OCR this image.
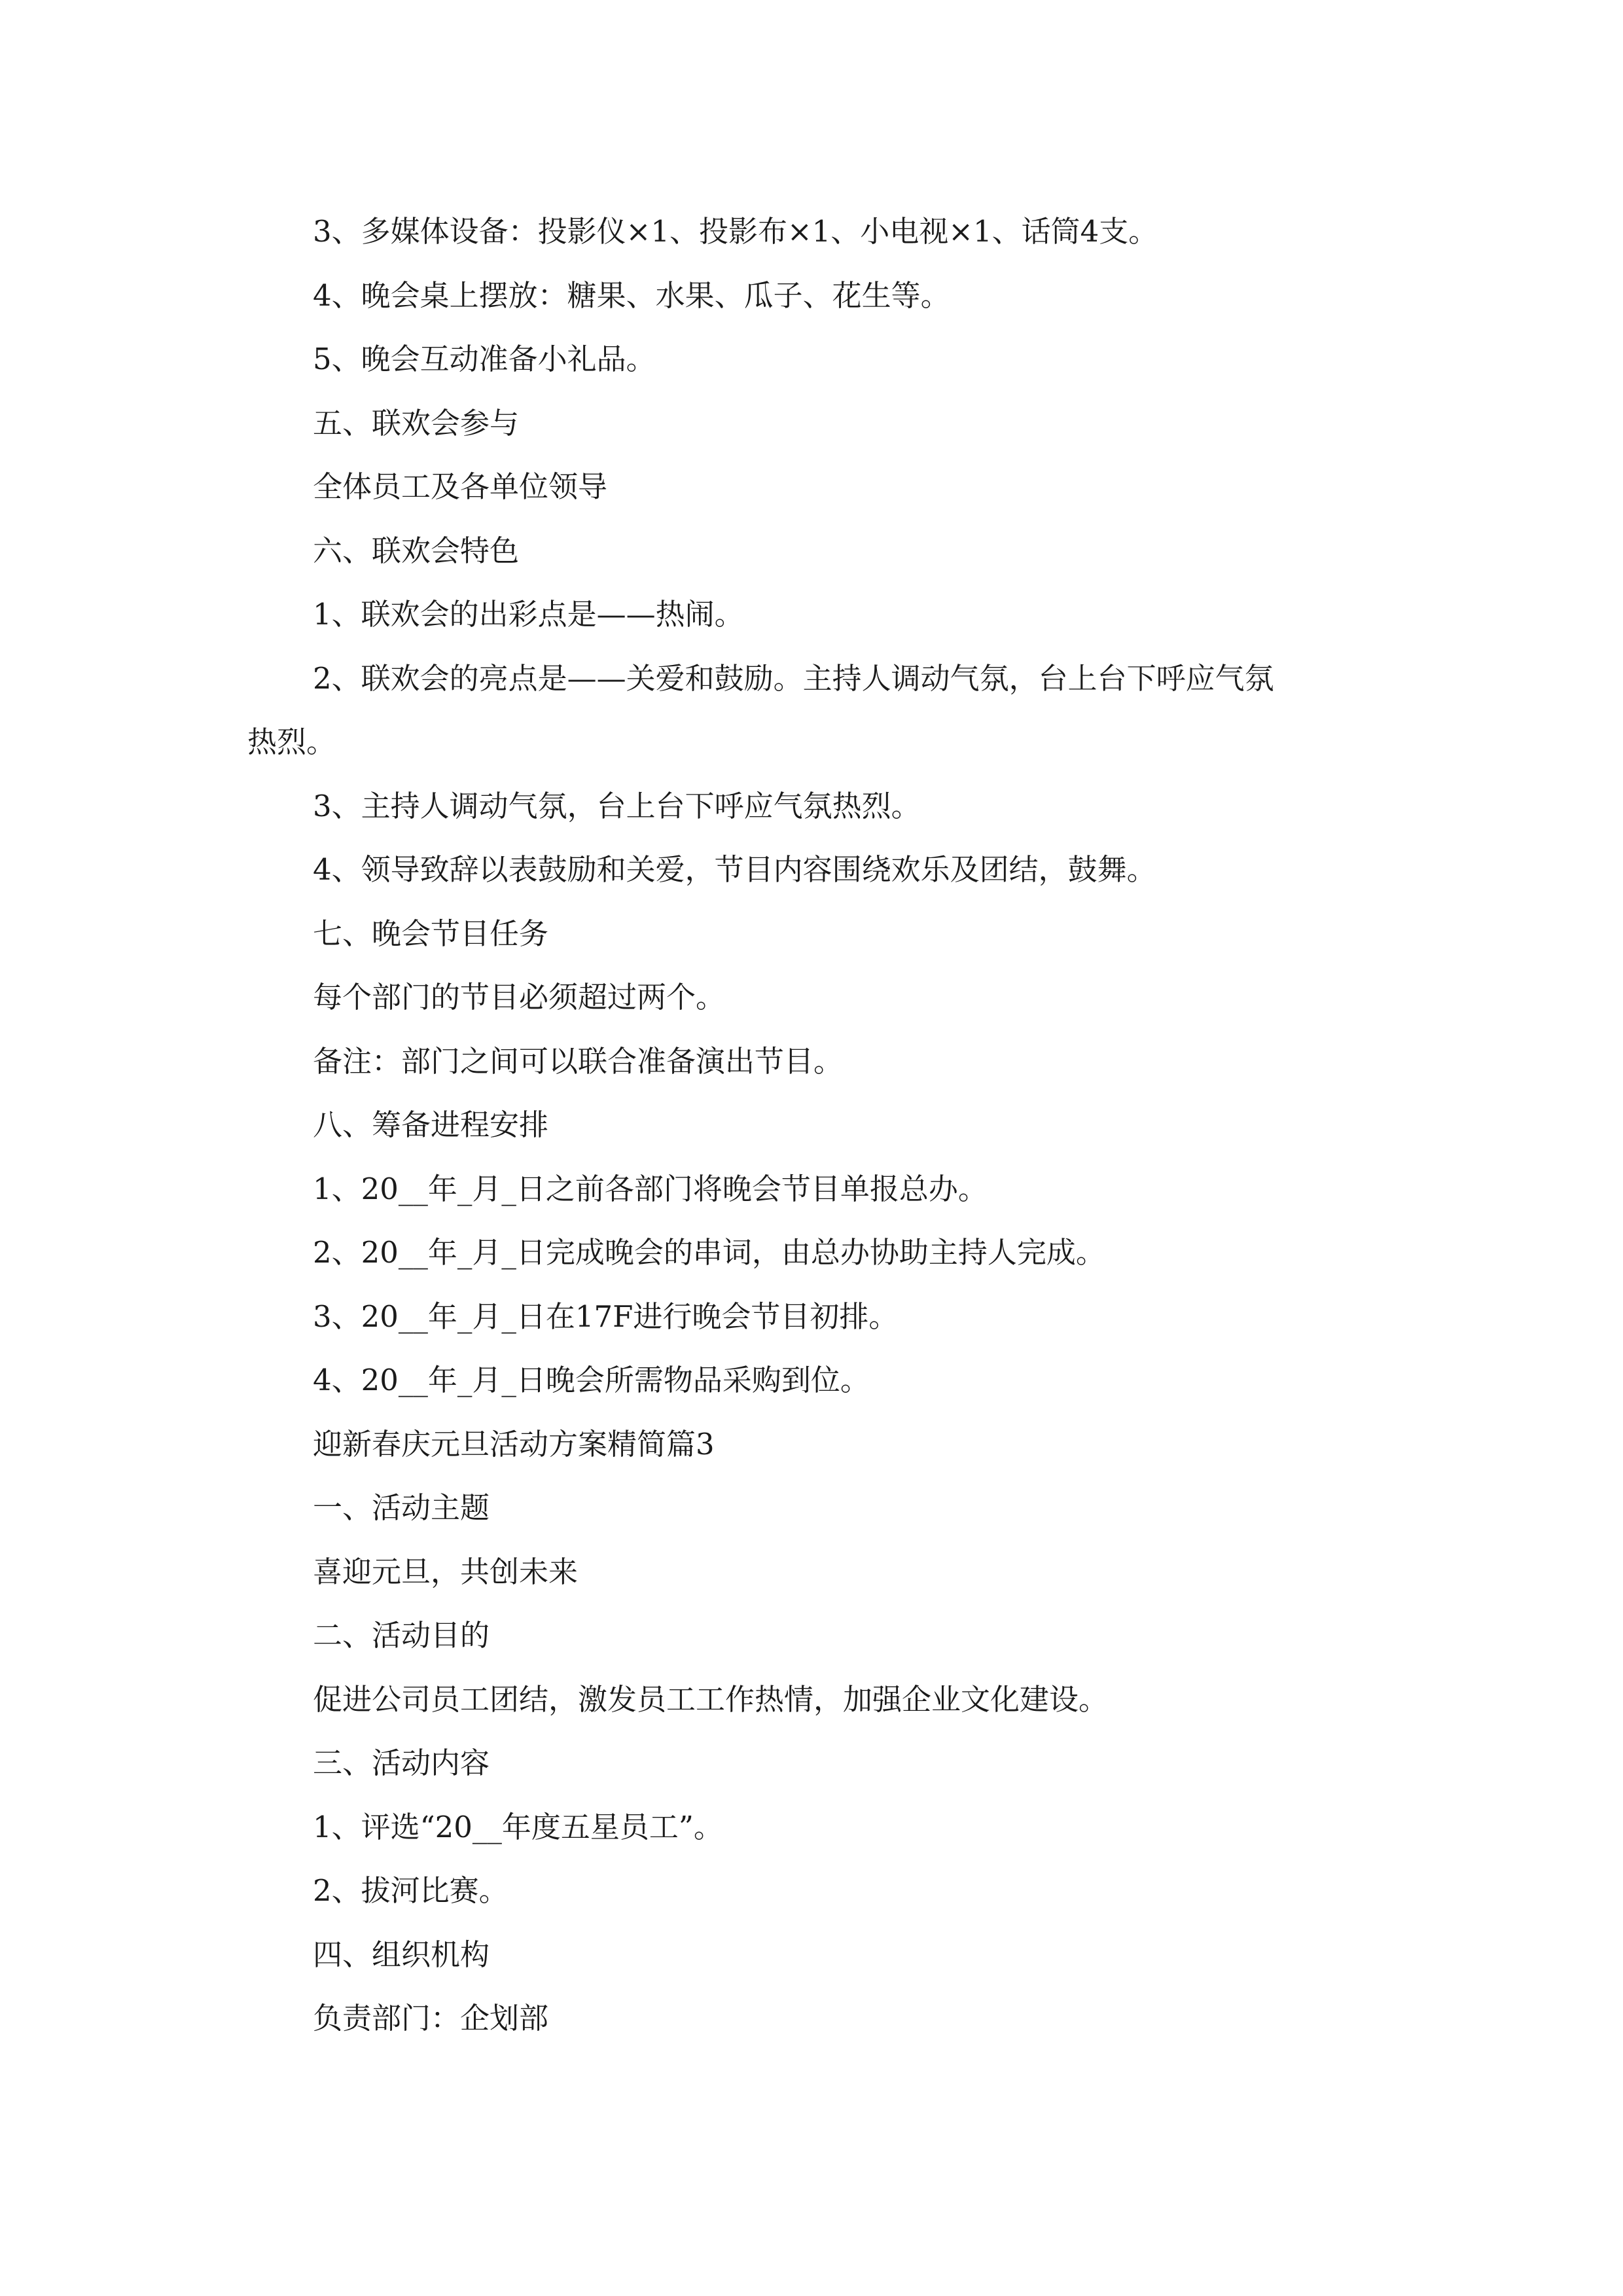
3、多媒体设备：投影仪×1、投影布×1、小电视×1、话筒4支。
4、晚会桌上摆放：糖果、水果、瓜子、花生等。
5、晚会互动准备小礼品。
五、联欢会参与
全体员工及各单位领导
六、联欢会特色
1、联欢会的出彩点是——热闹。
2、联欢会的亮点是——关爱和鼓励。主持人调动气氛，台上台下呼应气氛
热烈。
3、主持人调动气氛，台上台下呼应气氛热烈。
4、领导致辞以表鼓励和关爱，节目内容围绕欢乐及团结，鼓舞。
七、晚会节目任务
每个部门的节目必须超过两个。
备注：部门之间可以联合准备演出节目。
八、筹备进程安排
1、20__年_月_日之前各部门将晚会节目单报总办。
2、20__年_月_日完成晚会的串词，由总办协助主持人完成。
3、20__年_月_日在17F进行晚会节目初排。
4、20__年_月_日晚会所需物品采购到位。
迎新春庆元旦活动方案精简篇3
一、活动主题
喜迎元旦，共创未来
二、活动目的
促进公司员工团结，激发员工工作热情，加强企业文化建设。
三、活动内容
1、评选“20__年度五星员工”。
2、拔河比赛。
四、组织机构
负责部门：企划部
